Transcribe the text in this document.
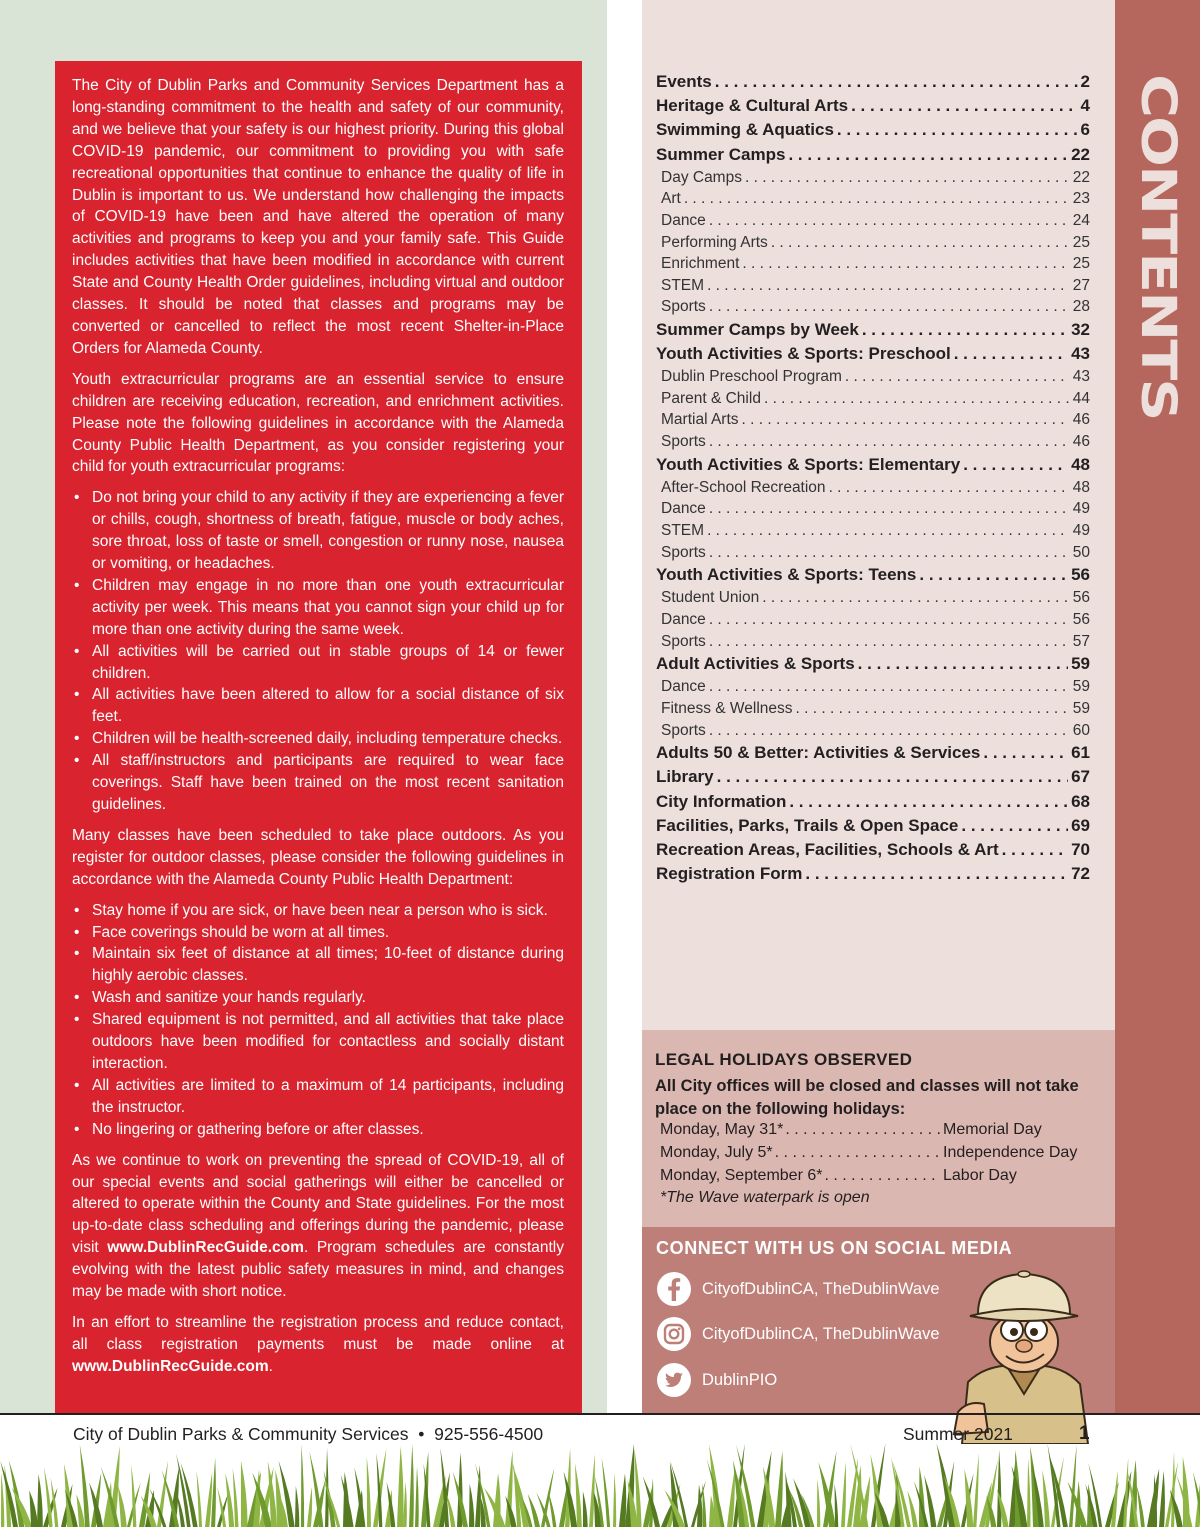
CONTENTS

The City of Dublin Parks and Community Services Department has a long-standing commitment to the health and safety of our community, and we believe that your safety is our highest priority. During this global COVID-19 pandemic, our commitment to providing you with safe recreational opportunities that continue to enhance the quality of life in Dublin is important to us. We understand how challenging the impacts of COVID-19 have been and have altered the operation of many activities and programs to keep you and your family safe. This Guide includes activities that have been modified in accordance with current State and County Health Order guidelines, including virtual and outdoor classes. It should be noted that classes and programs may be converted or cancelled to reflect the most recent Shelter-in-Place Orders for Alameda County.

Youth extracurricular programs are an essential service to ensure children are receiving education, recreation, and enrichment activities. Please note the following guidelines in accordance with the Alameda County Public Health Department, as you consider registering your child for youth extracurricular programs:

• Do not bring your child to any activity if they are experiencing a fever or chills, cough, shortness of breath, fatigue, muscle or body aches, sore throat, loss of taste or smell, congestion or runny nose, nausea or vomiting, or headaches.
• Children may engage in no more than one youth extracurricular activity per week. This means that you cannot sign your child up for more than one activity during the same week.
• All activities will be carried out in stable groups of 14 or fewer children.
• All activities have been altered to allow for a social distance of six feet.
• Children will be health-screened daily, including temperature checks.
• All staff/instructors and participants are required to wear face coverings. Staff have been trained on the most recent sanitation guidelines.

Many classes have been scheduled to take place outdoors. As you register for outdoor classes, please consider the following guidelines in accordance with the Alameda County Public Health Department:

• Stay home if you are sick, or have been near a person who is sick.
• Face coverings should be worn at all times.
• Maintain six feet of distance at all times; 10-feet of distance during highly aerobic classes.
• Wash and sanitize your hands regularly.
• Shared equipment is not permitted, and all activities that take place outdoors have been modified for contactless and socially distant interaction.
• All activities are limited to a maximum of 14 participants, including the instructor.
• No lingering or gathering before or after classes.

As we continue to work on preventing the spread of COVID-19, all of our special events and social gatherings will either be cancelled or altered to operate within the County and State guidelines. For the most up-to-date class scheduling and offerings during the pandemic, please visit www.DublinRecGuide.com. Program schedules are constantly evolving with the latest public safety measures in mind, and changes may be made with short notice.

In an effort to streamline the registration process and reduce contact, all class registration payments must be made online at www.DublinRecGuide.com.

Events . . .	2
Heritage & Cultural Arts . . .	4
Swimming & Aquatics . . .	6
Summer Camps . . .	22
Day Camps . . .	22
Art . . .	23
Dance . . .	24
Performing Arts . . .	25
Enrichment . . .	25
STEM . . .	27
Sports . . .	28
Summer Camps by Week . . .	32
Youth Activities & Sports: Preschool . . .	43
Dublin Preschool Program . . .	43
Parent & Child . . .	44
Martial Arts . . .	46
Sports . . .	46
Youth Activities & Sports: Elementary . . .	48
After-School Recreation . . .	48
Dance . . .	49
STEM . . .	49
Sports . . .	50
Youth Activities & Sports: Teens . . .	56
Student Union . . .	56
Dance . . .	56
Sports . . .	57
Adult Activities & Sports . . .	59
Dance . . .	59
Fitness & Wellness . . .	59
Sports . . .	60
Adults 50 & Better: Activities & Services . . .	61
Library . . .	67
City Information . . .	68
Facilities, Parks, Trails & Open Space . . .	69
Recreation Areas, Facilities, Schools & Art . . .	70
Registration Form . . .	72
LEGAL HOLIDAYS OBSERVED
All City offices will be closed and classes will not take place on the following holidays:
Monday, May 31* . . .	Memorial Day
Monday, July 5* . . .	Independence Day
Monday, September 6* . . .	Labor Day
*The Wave waterpark is open
CONNECT WITH US ON SOCIAL MEDIA
CityofDublinCA, TheDublinWave
CityofDublinCA, TheDublinWave
DublinPIO
City of Dublin Parks & Community Services • 925-556-4500	Summer 2021	1
